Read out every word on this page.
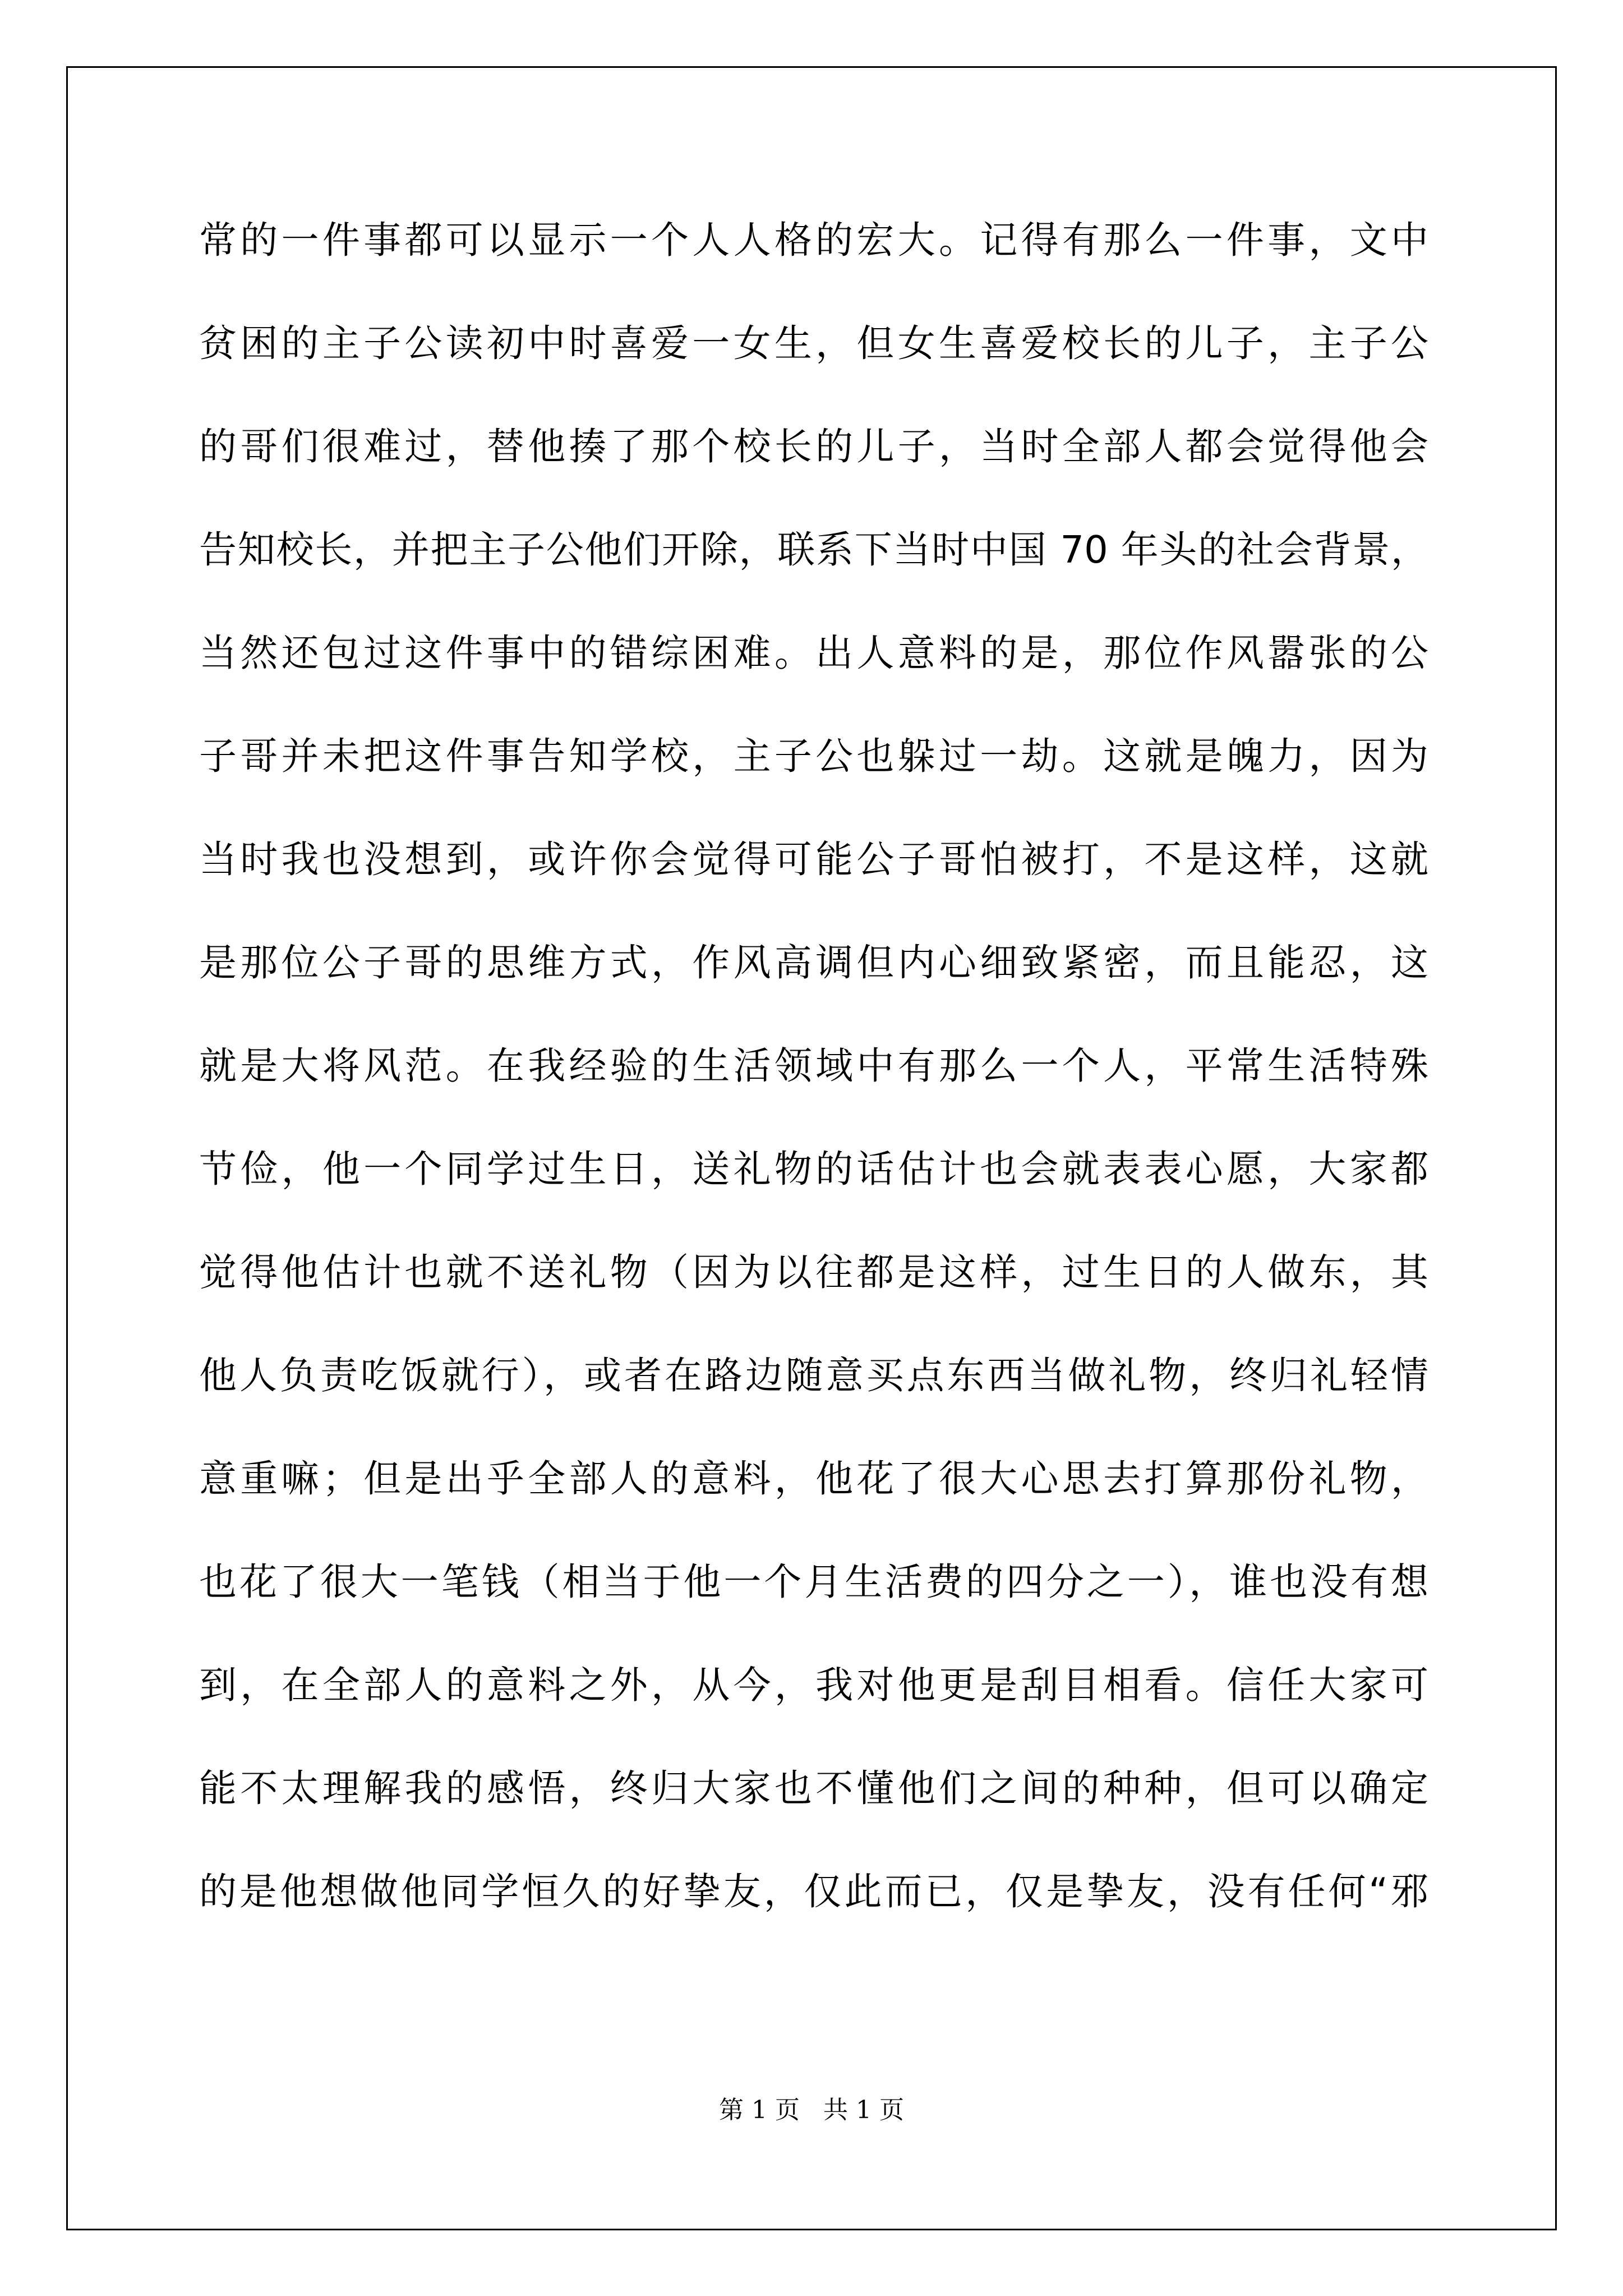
常的一件事都可以显示一个人人格的宏大。记得有那么一件事，文中
贫困的主子公读初中时喜爱一女生，但女生喜爱校长的儿子，主子公
的哥们很难过，替他揍了那个校长的儿子，当时全部人都会觉得他会
告知校长，并把主子公他们开除，联系下当时中国 70 年头的社会背景，
当然还包过这件事中的错综困难。出人意料的是，那位作风嚣张的公
子哥并未把这件事告知学校，主子公也躲过一劫。这就是魄力，因为
当时我也没想到，或许你会觉得可能公子哥怕被打，不是这样，这就
是那位公子哥的思维方式，作风高调但内心细致紧密，而且能忍，这
就是大将风范。在我经验的生活领域中有那么一个人，平常生活特殊
节俭，他一个同学过生日，送礼物的话估计也会就表表心愿，大家都
觉得他估计也就不送礼物（因为以往都是这样，过生日的人做东，其
他人负责吃饭就行），或者在路边随意买点东西当做礼物，终归礼轻情
意重嘛；但是出乎全部人的意料，他花了很大心思去打算那份礼物，
也花了很大一笔钱（相当于他一个月生活费的四分之一），谁也没有想
到，在全部人的意料之外，从今，我对他更是刮目相看。信任大家可
能不太理解我的感悟，终归大家也不懂他们之间的种种，但可以确定
的是他想做他同学恒久的好挚友，仅此而已，仅是挚友，没有任何“邪
第 1 页   共 1 页
